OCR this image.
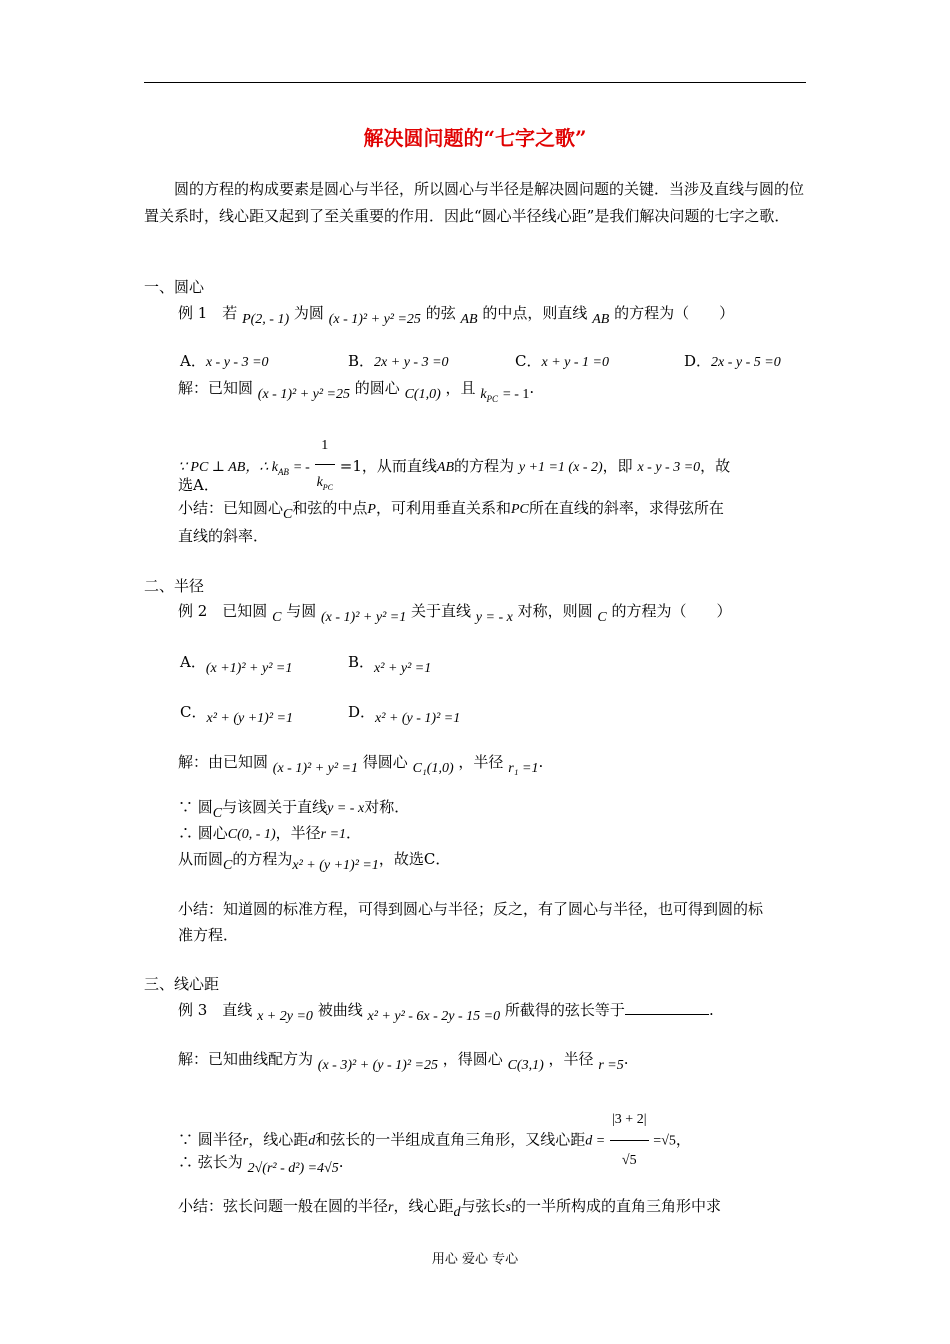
解决圆问题的“七字之歌”
圆的方程的构成要素是圆心与半径，所以圆心与半径是解决圆问题的关键．当涉及直线与圆的位置关系时，线心距又起到了至关重要的作用．因此“圆心半径线心距”是我们解决问题的七字之歌．
一、圆心
例 1　若 P(2, - 1) 为圆 (x - 1)² + y² =25 的弦 AB 的中点，则直线 AB 的方程为（　　）
A．x - y - 3 =0	B．2x + y - 3 =0	C．x + y - 1 =0	D．2x - y - 5 =0
解：已知圆 (x - 1)² + y² =25 的圆心 C(1,0) ，且 $k_{PC}$ = - 1.
∵ PC ⊥ AB，∴ $k_{AB}$ = - $\frac{1}{k_{PC}} =1$，从而直线AB的方程为 y +1 =1 (x - 2)，即 x - y - 3 =0，故
选A．
小结：已知圆心C和弦的中点P，可利用垂直关系和PC所在直线的斜率，求得弦所在
直线的斜率．
二、半径
例 2　已知圆 C 与圆 (x - 1)² + y² =1 关于直线 y = - x 对称，则圆 C 的方程为（　　）
A．(x +1)² + y² =1	B．x² + y² =1
C．x² + (y +1)² =1	D．x² + (y - 1)² =1
解：由已知圆 (x - 1)² + y² =1 得圆心 C₁(1,0) ，半径 r₁ =1.
∵ 圆C与该圆关于直线y = - x对称．
∴ 圆心C(0, - 1)，半径r =1．
从而圆C的方程为x² + (y +1)² =1，故选C．
小结：知道圆的标准方程，可得到圆心与半径；反之，有了圆心与半径，也可得到圆的标
准方程．
三、线心距
例 3　直线 x + 2y =0 被曲线 x² + y² - 6x - 2y - 15 =0 所截得的弦长等于	.
解：已知曲线配方为 (x - 3)² + (y - 1)² =25 ，得圆心 C(3,1) ，半径 r =5.
∵ 圆半径r，线心距d和弦长的一半组成直角三角形，又线心距$d = \frac{|3 + 2|}{√5} =√5$，
∴ 弦长为 2√(r² - d²) =4√5.
小结：弦长问题一般在圆的半径r，线心距d与弦长s的一半所构成的直角三角形中求
用心 爱心 专心
